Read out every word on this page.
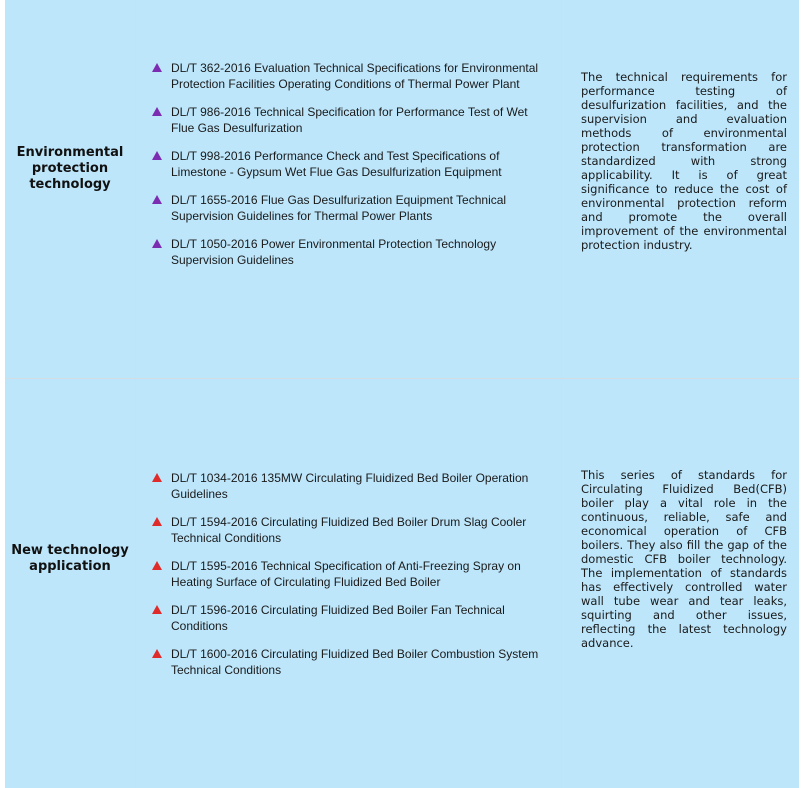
Environmental protection technology
DL/T 362-2016 Evaluation Technical Specifications for Environmental Protection Facilities Operating Conditions of Thermal Power Plant
DL/T 986-2016 Technical Specification for Performance Test of Wet Flue Gas Desulfurization
DL/T 998-2016 Performance Check and Test Specifications of Limestone - Gypsum Wet Flue Gas Desulfurization Equipment
DL/T 1655-2016 Flue Gas Desulfurization Equipment Technical Supervision Guidelines for Thermal Power Plants
DL/T 1050-2016 Power Environmental Protection Technology Supervision Guidelines
The technical requirements for performance testing of desulfurization facilities, and the supervision and evaluation methods of environmental protection transformation are standardized with strong applicability. It is of great significance to reduce the cost of environmental protection reform and promote the overall improvement of the environmental protection industry.
New technology application
DL/T 1034-2016 135MW Circulating Fluidized Bed Boiler Operation Guidelines
DL/T 1594-2016 Circulating Fluidized Bed Boiler Drum Slag Cooler Technical Conditions
DL/T 1595-2016 Technical Specification of Anti-Freezing Spray on Heating Surface of Circulating Fluidized Bed Boiler
DL/T 1596-2016 Circulating Fluidized Bed Boiler Fan Technical Conditions
DL/T 1600-2016 Circulating Fluidized Bed Boiler Combustion System Technical Conditions
This series of standards for Circulating Fluidized Bed(CFB) boiler play a vital role in the continuous, reliable, safe and economical operation of CFB boilers. They also fill the gap of the domestic CFB boiler technology. The implementation of standards has effectively controlled water wall tube wear and tear leaks, squirting and other issues, reflecting the latest technology advance.
